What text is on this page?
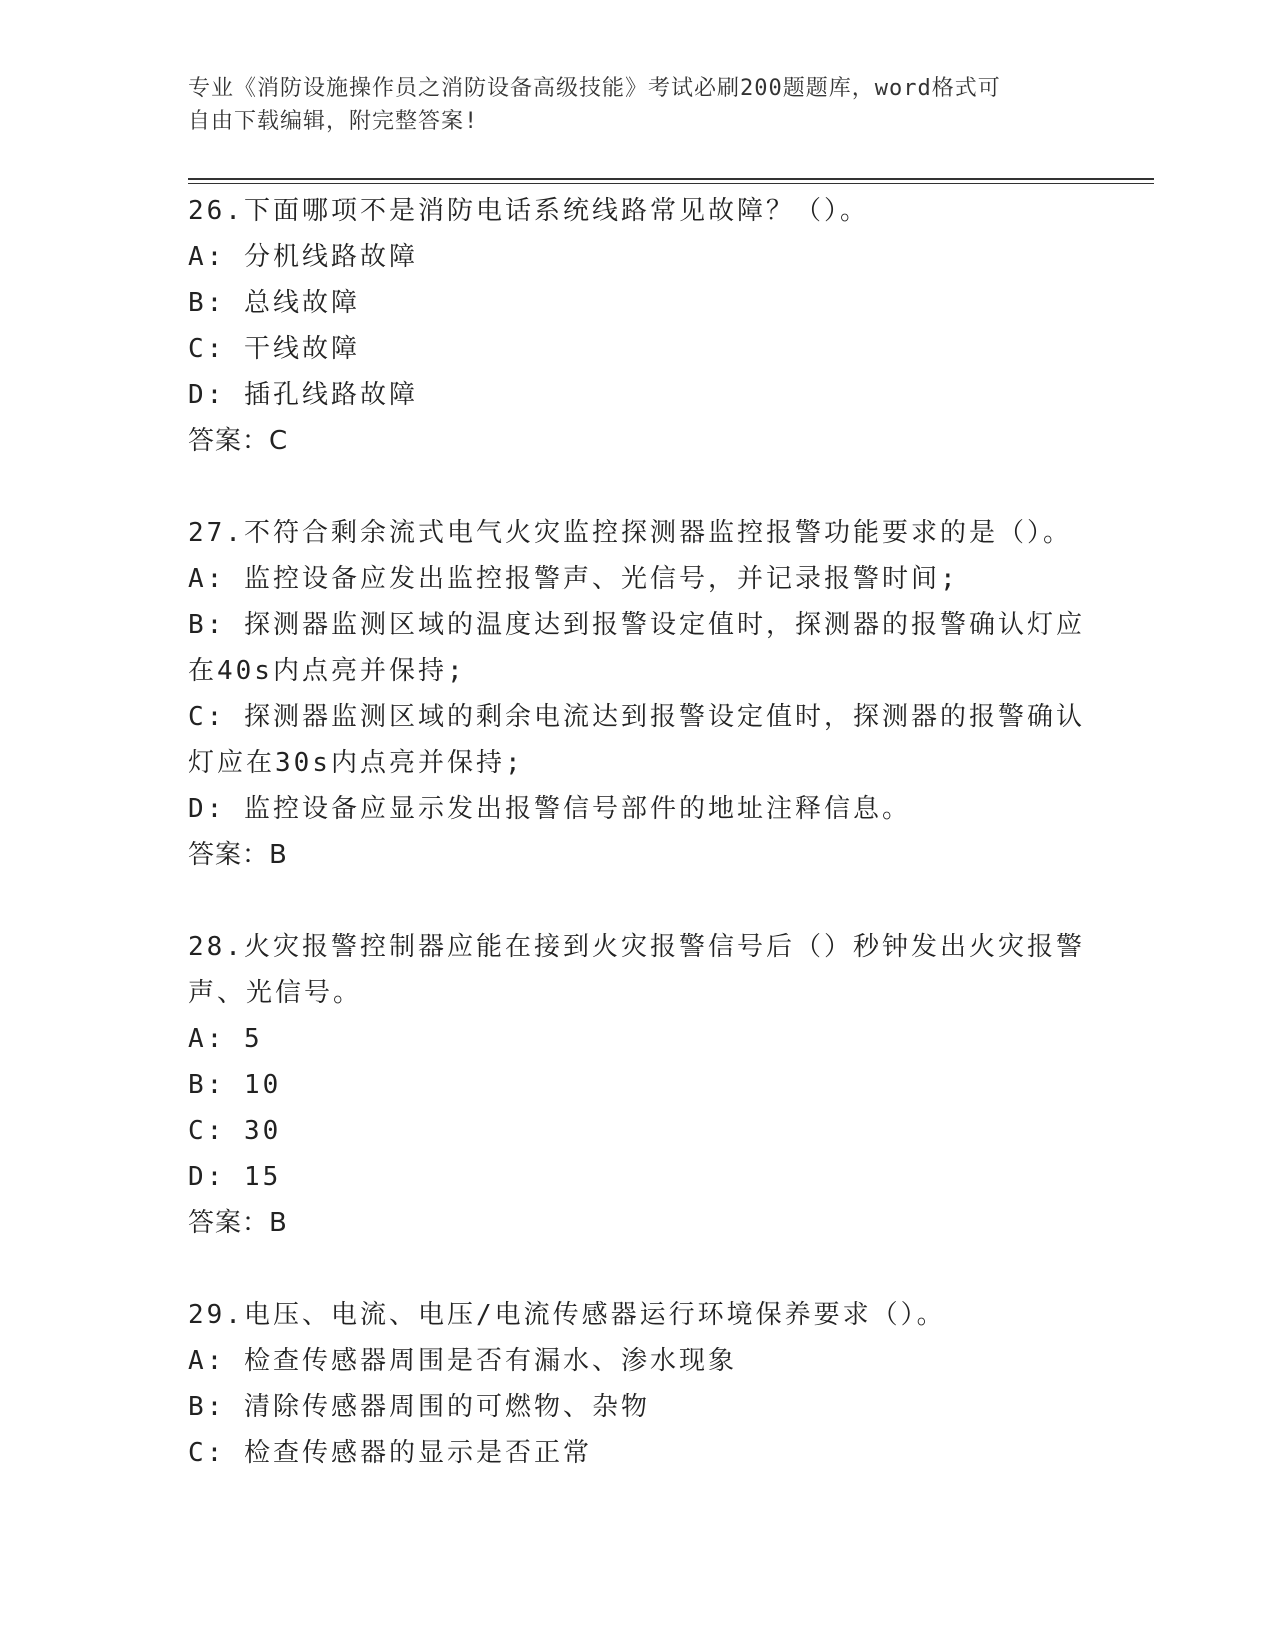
专业《消防设施操作员之消防设备高级技能》考试必刷200题题库，word格式可
自由下载编辑，附完整答案!
26.下面哪项不是消防电话系统线路常见故障？（）。
A: 分机线路故障
B: 总线故障
C: 干线故障
D: 插孔线路故障
答案：C
27.不符合剩余流式电气火灾监控探测器监控报警功能要求的是（）。
A: 监控设备应发出监控报警声、光信号，并记录报警时间;
B: 探测器监测区域的温度达到报警设定值时，探测器的报警确认灯应
在40s内点亮并保持;
C: 探测器监测区域的剩余电流达到报警设定值时，探测器的报警确认
灯应在30s内点亮并保持;
D: 监控设备应显示发出报警信号部件的地址注释信息。
答案：B
28.火灾报警控制器应能在接到火灾报警信号后（）秒钟发出火灾报警
声、光信号。
A: 5
B: 10
C: 30
D: 15
答案：B
29.电压、电流、电压/电流传感器运行环境保养要求（）。
A: 检查传感器周围是否有漏水、渗水现象
B: 清除传感器周围的可燃物、杂物
C: 检查传感器的显示是否正常
